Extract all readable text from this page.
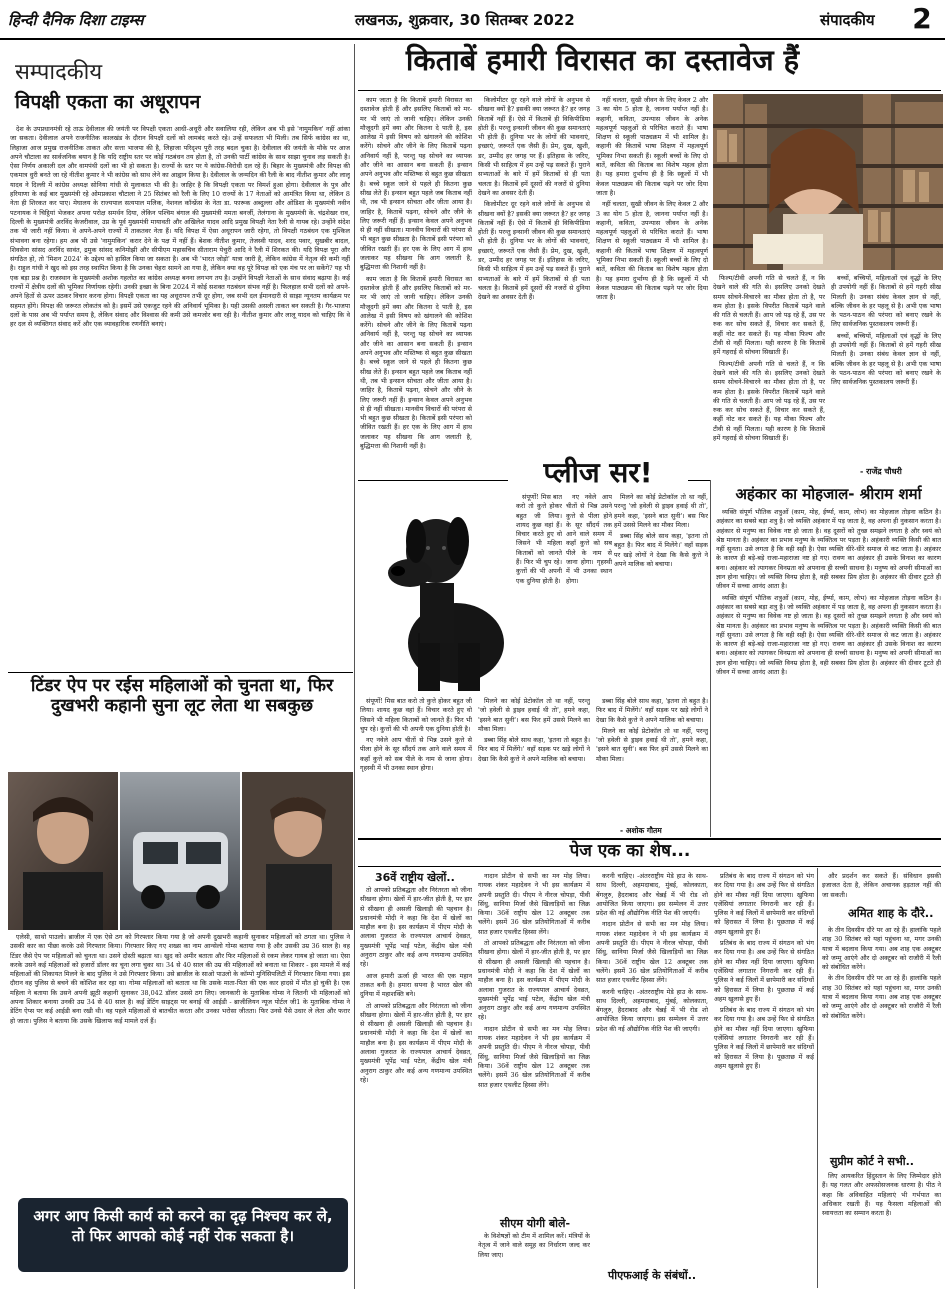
हिन्दी दैनिक दिशा टाइम्स	लखनऊ, शुक्रवार, 30 सितम्बर 2022	संपादकीय 2
सम्पादकीय	किताबें हमारी विरासत का दस्तावेज हैं
विपक्षी एकता का अधूरापन

देश के उपप्रधानमंत्री रहे ताऊ देवीलाल की जयंती पर विपक्षी एकता आधी-अधूरी और सवालिया रही, लेकिन अब भी इसे 'नामुमकिन' नहीं आंका जा सकता। देवीलाल अपने राजनीतिक कालखंड के दौरान विपक्षी दलों को लामबंद करते रहे। उन्हें सफलता भी मिली। तब सिर्फ कांग्रेस का था, लिहाजा आज प्रमुख राजनीतिक ताकत और सत्ता भाजपा की है, लिहाजा परिदृश्य पूरी तरह बदल चुका है। देवीलाल की जयंती के मौके पर आज अपने चौटाला का सार्वजनिक बयान है कि यदि राष्ट्रीय स्तर पर कोई गठबंधन तय होता है, तो उनकी पार्टी कांग्रेस के साथ साझा चुनाव लड़ सकती है। ऐसा निर्णय अकाली दल और वामपंथी दलों का भी हो सकता है। राज्यों के स्तर पर ये कांग्रेस-विरोधी दल रहे हैं। बिहार के मुख्यमंत्री और विपक्ष की एकमात्र धुरी बनते जा रहे नीतीश कुमार ने भी कांग्रेस को साथ लेने का आह्वान किया है। देवीलाल के जन्मदिन की रैली के बाद नीतीश कुमार और लालू यादव ने दिल्ली में कांग्रेस अध्यक्ष सोनिया गांधी से मुलाकात भी की है। जाहिर है कि विपक्षी एकता पर विमर्श हुआ होगा। देवीलाल के पुत्र और हरियाणा के कई बार मुख्यमंत्री रहे ओमप्रकाश चौटाला ने 25 सितंबर को रैली के लिए 10 राज्यों के 17 नेताओं को आमंत्रित किया था, लेकिन 8 नेता ही शिरकत कर पाए। मेघालय के राज्यपाल सत्यपाल मलिक, नेशनल कॉन्फ्रेंस के नेता डा. फारूक अब्दुल्ला और ओडिशा के मुख्यमंत्री नवीन पटनायक ने चिट्ठियां भेजकर अपना परोक्ष समर्थन दिया, लेकिन पश्चिम बंगाल की मुख्यमंत्री ममता बनर्जी, तेलंगाना के मुख्यमंत्री के. चंद्रशेखर राव, दिल्ली के मुख्यमंत्री अरविंद केजरीवाल, उप्र के पूर्व मुख्यमंत्री मायावती और अखिलेश यादव आदि प्रमुख विपक्षी नेता रैली से गायब रहे। उन्होंने संदेश तक भी जारी नहीं किया। वे अपने-अपने राज्यों में ताकतवर नेता हैं। यदि विपक्ष में ऐसा अधूरापन जारी रहेगा, तो विपक्षी गठबंधन एक मुश्किल संभावना बना रहेगा। हम अब भी उसे 'नामुमकिन' करार देने के पक्ष में नहीं हैं। बेशक नीतीश कुमार, तेजस्वी यादव, शरद पवार, सुखबीर बादल, शिवसेना सांसद अरविंद सावंत, द्रमुक सांसद कनिमोझी और सीपीएम महासचिव सीताराम येचुरी आदि ने रैली में शिरकत की। यदि विपक्ष पूरा और संगठित हो, तो 'मिशन 2024' के उद्देश्य को हासिल किया जा सकता है। अब भी 'भारत जोड़ो' यात्रा जारी है, लेकिन कांग्रेस में नेतृत्व की कमी नहीं है। राहुल गांधी ने खुद को इस तरह स्थापित किया है कि उनका चेहरा सामने आ गया है, लेकिन क्या वह पूरे विपक्ष को एक मंच पर ला सकेंगे? यह भी एक बड़ा प्रश्न है। राजस्थान के मुख्यमंत्री अशोक गहलोत का कांग्रेस अध्यक्ष बनना लगभग तय है। उन्होंने विपक्षी नेताओं के साथ संवाद बढ़ाया है। कई राज्यों में क्षेत्रीय दलों की भूमिका निर्णायक रहेगी। उनकी इच्छा के बिना 2024 में कोई सशक्त गठबंधन संभव नहीं है। फिलहाल सभी दलों को अपने-अपने हितों से ऊपर उठकर विचार करना होगा। विपक्षी एकता का यह अधूरापन तभी दूर होगा, जब सभी दल ईमानदारी से साझा न्यूनतम कार्यक्रम पर सहमत होंगे। विपक्ष की जरूरत लोकतंत्र को है। इसमें उसे एकजुट रहने की अनिवार्य भूमिका है। यही उसकी असली ताकत बन सकती है। गैर-भाजपा दलों के पास अब भी पर्याप्त समय है, लेकिन संवाद और विश्वास की कमी उसे कमजोर बना रही है। नीतीश कुमार और लालू यादव को चाहिए कि वे हर दल से व्यक्तिगत संवाद करें और एक व्यावहारिक रणनीति बनाएं।

टिंडर ऐप पर रईस महिलाओं को चुनता था, फिर दुखभरी कहानी सुना लूट लेता था सबकुछ

एलेसी, साथो पाउलो। ब्राजील में एक ऐसे ठग को गिरफ्तार किया गया है जो अपनी दुखभरी कहानी सुनाकर महिलाओं को ठगता था। पुलिस ने उसकी कार का पीछा करके उसे गिरफ्तार किया। गिरफ्तार किए गए शख्स का नाम आन्सेलो गोम्स बताया गया है और उसकी उम्र 36 साल है। वह टिंडर जैसे ऐप पर महिलाओं को चुनता था। उसने दोस्ती बढ़ाता था। खुद को अमीर बताता और फिर महिलाओं से रकम लेकर गायब हो जाता था। ऐसा करके उसने कई महिलाओं को हजारों डॉलर का चूना लगा चुका था। 34 से 40 साल की उम्र की महिलाओं को बनाता था शिकार - इस मामले में कई महिलाओं की शिकायत मिलने के बाद पुलिस ने उसे गिरफ्तार किया। उसे ब्राजील के साओ पाउलो के कॉम्पो मुनिसिपलिटी में गिरफ्तार किया गया। इस दौरान वह पुलिस से बचने की कोशिश कर रहा था। गोम्स महिलाओं को बताता था कि उसके माता-पिता की एक कार हादसे में मौत हो चुकी है। एक महिला ने बताया कि उसने अपनी झूठी कहानी सुनाकर 38,042 डॉलर उससे ठग लिए। जानकारी के मुताबिक गोम्स ने जितनी भी महिलाओं को अपना शिकार बनाया उनकी उम्र 34 से 40 साल है। कई डेटिंग साइट्स पर बनाई थी आईडी - ब्राजीलियन न्यूज पोर्टल जी1 के मुताबिक गोम्स ने डेटिंग ऐप्स पर कई आईडी बना रखी थी। वह पहले महिलाओं से बातचीत करता और उनका भरोसा जीतता। फिर उनसे पैसे उधार ले लेता और फरार हो जाता। पुलिस ने बताया कि उसके खिलाफ कई मामले दर्ज हैं।

अगर आप किसी कार्य को करने का दृढ़ निश्चय कर ले, तो फिर आपको कोई नहीं रोक सकता है।

काम जाता है कि किताबें हमारी विरासत का दस्तावेज होती हैं और इसलिए किताबों को मर-मर भी जाएं तो जानी चाहिए। लेकिन उनकी मौजूदगी हमें क्या और कितना दे पाती है, इस आलेख में इसी विषय को खंगालने की कोशिश करेंगे। सोचने और जीने के लिए किताबें पढ़ना अनिवार्य नहीं है, परन्तु यह सोचने का व्यापक और जीने का आसान बना सकती हैं। इन्सान अपने अनुभव और मस्तिष्क से बहुत कुछ सीखता है। बच्चे स्कूल जाने से पहले ही कितना कुछ सीख लेते हैं। इन्सान बहुत पहले जब किताब नहीं थी, तब भी इन्सान सोचता और जीता आया है। जाहिर है, किताबें पढ़ना, सोचने और जीने के लिए जरूरी नहीं हैं। इन्सान केवल अपने अनुभव से ही नहीं सीखता। मानवीय विचारों की परंपरा से भी बहुत कुछ सीखता है। किताबें इसी परंपरा को जीवित रखती हैं। हर एक के लिए आग में हाथ जलाकर यह सीखना कि आग जलाती है, बुद्धिमत्ता की निशानी नहीं है।

काम जाता है कि किताबें हमारी विरासत का दस्तावेज होती हैं और इसलिए किताबों को मर-मर भी जाएं तो जानी चाहिए। लेकिन उनकी मौजूदगी हमें क्या और कितना दे पाती है, इस आलेख में इसी विषय को खंगालने की कोशिश करेंगे। सोचने और जीने के लिए किताबें पढ़ना अनिवार्य नहीं है, परन्तु यह सोचने का व्यापक और जीने का आसान बना सकती हैं। इन्सान अपने अनुभव और मस्तिष्क से बहुत कुछ सीखता है। बच्चे स्कूल जाने से पहले ही कितना कुछ सीख लेते हैं। इन्सान बहुत पहले जब किताब नहीं थी, तब भी इन्सान सोचता और जीता आया है। जाहिर है, किताबें पढ़ना, सोचने और जीने के लिए जरूरी नहीं हैं। इन्सान केवल अपने अनुभव से ही नहीं सीखता। मानवीय विचारों की परंपरा से भी बहुत कुछ सीखता है। किताबें इसी परंपरा को जीवित रखती हैं। हर एक के लिए आग में हाथ जलाकर यह सीखना कि आग जलाती है, बुद्धिमत्ता की निशानी नहीं है।

किलोमीटर दूर रहने वाले लोगों के अनुभव से सीखना क्यों है? इसकी क्या जरूरत है? हर जगह किताबें नहीं हैं। ऐसे में किताबें ही विकिपीडिया होती हैं। परन्तु इन्सानी जीवन की कुछ समानताएं भी होती हैं। दुनिया भर के लोगों की भावनाएं, इच्छाएं, जरूरतें एक जैसी हैं। प्रेम, दुख, खुशी, डर, उम्मीद हर जगह पर हैं। इतिहास के जरिए, किसी भी साहित्य में हम उन्हें पढ़ सकते हैं। पुराने सभ्यताओं के बारे में हमें किताबों से ही पता चलता है। किताबें हमें दूसरों की नजरों से दुनिया देखने का अवसर देती हैं।

किलोमीटर दूर रहने वाले लोगों के अनुभव से सीखना क्यों है? इसकी क्या जरूरत है? हर जगह किताबें नहीं हैं। ऐसे में किताबें ही विकिपीडिया होती हैं। परन्तु इन्सानी जीवन की कुछ समानताएं भी होती हैं। दुनिया भर के लोगों की भावनाएं, इच्छाएं, जरूरतें एक जैसी हैं। प्रेम, दुख, खुशी, डर, उम्मीद हर जगह पर हैं। इतिहास के जरिए, किसी भी साहित्य में हम उन्हें पढ़ सकते हैं। पुराने सभ्यताओं के बारे में हमें किताबों से ही पता चलता है। किताबें हमें दूसरों की नजरों से दुनिया देखने का अवसर देती हैं।

नहीं चलता, सुखी जीवन के लिए केवल 2 और 3 का योग 5 होता है, जानना पर्याप्त नहीं है। कहानी, कविता, उपन्यास जीवन के अनेक महत्वपूर्ण पहलुओं से परिचित कराते हैं। भाषा शिक्षण से स्कूली पाठ्यक्रम में भी शामिल है। कहानी की किताबें भाषा शिक्षण में महत्वपूर्ण भूमिका निभा सकती हैं। स्कूली बच्चों के लिए दो बातें, कविता की किताब का विशेष महत्व होता है। यह हमारा दुर्भाग्य ही है कि स्कूलों में भी केवल पाठ्यक्रम की किताब पढ़ने पर जोर दिया जाता है।

नहीं चलता, सुखी जीवन के लिए केवल 2 और 3 का योग 5 होता है, जानना पर्याप्त नहीं है। कहानी, कविता, उपन्यास जीवन के अनेक महत्वपूर्ण पहलुओं से परिचित कराते हैं। भाषा शिक्षण से स्कूली पाठ्यक्रम में भी शामिल है। कहानी की किताबें भाषा शिक्षण में महत्वपूर्ण भूमिका निभा सकती हैं। स्कूली बच्चों के लिए दो बातें, कविता की किताब का विशेष महत्व होता है। यह हमारा दुर्भाग्य ही है कि स्कूलों में भी केवल पाठ्यक्रम की किताब पढ़ने पर जोर दिया जाता है।

फिल्म/टीवी अपनी गति से चलते हैं, न कि देखने वाले की गति से। इसलिए उनको देखते समय सोचने-विचारने का मौका होता तो है, पर कम होता है। इसके विपरीत किताबें पढ़ने वाले की गति से चलती हैं। आप जो पढ़ रहे हैं, उस पर रुक कर सोच सकते हैं, विचार कर सकते हैं, कहीं नोट कर सकते हैं। यह मौका फिल्म और टीवी से नहीं मिलता। यही कारण है कि किताबें हमें गहराई से सोचना सिखाती हैं।

फिल्म/टीवी अपनी गति से चलते हैं, न कि देखने वाले की गति से। इसलिए उनको देखते समय सोचने-विचारने का मौका होता तो है, पर कम होता है। इसके विपरीत किताबें पढ़ने वाले की गति से चलती हैं। आप जो पढ़ रहे हैं, उस पर रुक कर सोच सकते हैं, विचार कर सकते हैं, कहीं नोट कर सकते हैं। यह मौका फिल्म और टीवी से नहीं मिलता। यही कारण है कि किताबें हमें गहराई से सोचना सिखाती हैं।

बच्चों, बच्चियों, महिलाओं एवं वृद्धों के लिए ही उपयोगी नहीं हैं। किताबों से हमें गहरी सीख मिलती है। उनका संबंध केवल ज्ञान से नहीं, बल्कि जीवन के हर पहलू से है। अभी एक भाषा के पठन-पाठन की परंपरा को बनाए रखने के लिए सार्वजनिक पुस्तकालय जरूरी हैं।

बच्चों, बच्चियों, महिलाओं एवं वृद्धों के लिए ही उपयोगी नहीं हैं। किताबों से हमें गहरी सीख मिलती है। उनका संबंध केवल ज्ञान से नहीं, बल्कि जीवन के हर पहलू से है। अभी एक भाषा के पठन-पाठन की परंपरा को बनाए रखने के लिए सार्वजनिक पुस्तकालय जरूरी हैं।

- राजेंद्र चौधरी
प्लीज सर!

संपूर्णो! मिस बात करो तो कुत्ते होकर बहुत जी लिया। शायद कुछ वहां हैं। विचार करते हुए वो जिसने भी महिला किताबों को जानते हैं। फिर भी चुप रहे। कुत्तों की भी अपनी एक दुनिया होती है।

नए नवेले आप चीतों से भिन्न उसने कुत्ते से पीला होने के सूर सौंदर्य तक आने वाले समय में कहाँ कुत्ते को सब पीले के नाम से जाना होगा। गृहस्थी में भी उनका स्थान होगा।

मिलने का कोई प्रेटोकॉल तो था नहीं, परन्तु 'जो हवेली से ड्राइव हवाई थी तो', हमने कहा, 'इसने बात सुनी'। बस फिर हमें उससे मिलने का मौका मिला।

डब्बा सिंह बोले साथ कहा, 'इतना तो बहुत है। फिर बाद में मिलेंगे।' वहाँ सड़क पर खड़े लोगों ने देखा कि कैसे कुत्ते ने अपने मालिक को बचाया।

संपूर्णो! मिस बात करो तो कुत्ते होकर बहुत जी लिया। शायद कुछ वहां हैं। विचार करते हुए वो जिसने भी महिला किताबों को जानते हैं। फिर भी चुप रहे। कुत्तों की भी अपनी एक दुनिया होती है।

नए नवेले आप चीतों से भिन्न उसने कुत्ते से पीला होने के सूर सौंदर्य तक आने वाले समय में कहाँ कुत्ते को सब पीले के नाम से जाना होगा। गृहस्थी में भी उनका स्थान होगा।

मिलने का कोई प्रेटोकॉल तो था नहीं, परन्तु 'जो हवेली से ड्राइव हवाई थी तो', हमने कहा, 'इसने बात सुनी'। बस फिर हमें उससे मिलने का मौका मिला।

डब्बा सिंह बोले साथ कहा, 'इतना तो बहुत है। फिर बाद में मिलेंगे।' वहाँ सड़क पर खड़े लोगों ने देखा कि कैसे कुत्ते ने अपने मालिक को बचाया।

डब्बा सिंह बोले साथ कहा, 'इतना तो बहुत है। फिर बाद में मिलेंगे।' वहाँ सड़क पर खड़े लोगों ने देखा कि कैसे कुत्ते ने अपने मालिक को बचाया।

मिलने का कोई प्रेटोकॉल तो था नहीं, परन्तु 'जो हवेली से ड्राइव हवाई थी तो', हमने कहा, 'इसने बात सुनी'। बस फिर हमें उससे मिलने का मौका मिला।

- अशोक गौतम
अहंकार का मोहजाल- श्रीराम शर्मा

व्यक्ति संपूर्ण भौतिक शत्रुओं (काम, मोह, ईर्ष्या, काम, लोभ) का मोहजाल तोड़ना कठिन है। अहंकार का सबसे बड़ा शत्रु है। जो व्यक्ति अहंकार में पड़ जाता है, वह अपना ही नुकसान करता है। अहंकार से मनुष्य का विवेक नष्ट हो जाता है। वह दूसरों को तुच्छ समझने लगता है और स्वयं को श्रेष्ठ मानता है। अहंकार का प्रभाव मनुष्य के व्यक्तित्व पर पड़ता है। अहंकारी व्यक्ति किसी की बात नहीं सुनता। उसे लगता है कि वही सही है। ऐसा व्यक्ति धीरे-धीरे समाज से कट जाता है। अहंकार के कारण ही बड़े-बड़े राजा-महाराजा नष्ट हो गए। रावण का अहंकार ही उसके विनाश का कारण बना। अहंकार को त्यागकर विनम्रता को अपनाना ही सच्ची साधना है। मनुष्य को अपनी सीमाओं का ज्ञान होना चाहिए। जो व्यक्ति विनम्र होता है, वही सबका प्रिय होता है। अहंकार की दीवार टूटते ही जीवन में सच्चा आनंद आता है।

व्यक्ति संपूर्ण भौतिक शत्रुओं (काम, मोह, ईर्ष्या, काम, लोभ) का मोहजाल तोड़ना कठिन है। अहंकार का सबसे बड़ा शत्रु है। जो व्यक्ति अहंकार में पड़ जाता है, वह अपना ही नुकसान करता है। अहंकार से मनुष्य का विवेक नष्ट हो जाता है। वह दूसरों को तुच्छ समझने लगता है और स्वयं को श्रेष्ठ मानता है। अहंकार का प्रभाव मनुष्य के व्यक्तित्व पर पड़ता है। अहंकारी व्यक्ति किसी की बात नहीं सुनता। उसे लगता है कि वही सही है। ऐसा व्यक्ति धीरे-धीरे समाज से कट जाता है। अहंकार के कारण ही बड़े-बड़े राजा-महाराजा नष्ट हो गए। रावण का अहंकार ही उसके विनाश का कारण बना। अहंकार को त्यागकर विनम्रता को अपनाना ही सच्ची साधना है। मनुष्य को अपनी सीमाओं का ज्ञान होना चाहिए। जो व्यक्ति विनम्र होता है, वही सबका प्रिय होता है। अहंकार की दीवार टूटते ही जीवन में सच्चा आनंद आता है।

पेज एक का शेष...
36वें राष्ट्रीय खेलों..

तो आपको प्रतिबद्धता और निरंतरता को जीना सीखना होगा। खेलों में हार-जीत होती है, पर हार से सीखना ही असली खिलाड़ी की पहचान है। प्रधानमंत्री मोदी ने कहा कि देश में खेलों का माहौल बना है। इस कार्यक्रम में पीएम मोदी के अलावा गुजरात के राज्यपाल आचार्य देवव्रत, मुख्यमंत्री भूपेंद्र भाई पटेल, केंद्रीय खेल मंत्री अनुराग ठाकुर और कई अन्य गणमान्य उपस्थित रहे।

आज हमारी ऊर्जा ही भारत की एक महान ताकत बनी है। हमारा सपना है भारत खेल की दुनिया में महाशक्ति बने।

तो आपको प्रतिबद्धता और निरंतरता को जीना सीखना होगा। खेलों में हार-जीत होती है, पर हार से सीखना ही असली खिलाड़ी की पहचान है। प्रधानमंत्री मोदी ने कहा कि देश में खेलों का माहौल बना है। इस कार्यक्रम में पीएम मोदी के अलावा गुजरात के राज्यपाल आचार्य देवव्रत, मुख्यमंत्री भूपेंद्र भाई पटेल, केंद्रीय खेल मंत्री अनुराग ठाकुर और कई अन्य गणमान्य उपस्थित रहे।

नादान प्रोटीन से सभी का मन मोह लिया। गायक शंकर महादेवन ने भी इस कार्यक्रम में अपनी प्रस्तुति दी। पीएम ने नीरज चोपड़ा, पीवी सिंधु, सानिया मिर्जा जैसे खिलाड़ियों का जिक्र किया। 36वें राष्ट्रीय खेल 12 अक्टूबर तक चलेंगे। इसमें 36 खेल प्रतियोगिताओं में करीब सात हजार एथलीट हिस्सा लेंगे।

तो आपको प्रतिबद्धता और निरंतरता को जीना सीखना होगा। खेलों में हार-जीत होती है, पर हार से सीखना ही असली खिलाड़ी की पहचान है। प्रधानमंत्री मोदी ने कहा कि देश में खेलों का माहौल बना है। इस कार्यक्रम में पीएम मोदी के अलावा गुजरात के राज्यपाल आचार्य देवव्रत, मुख्यमंत्री भूपेंद्र भाई पटेल, केंद्रीय खेल मंत्री अनुराग ठाकुर और कई अन्य गणमान्य उपस्थित रहे।

नादान प्रोटीन से सभी का मन मोह लिया। गायक शंकर महादेवन ने भी इस कार्यक्रम में अपनी प्रस्तुति दी। पीएम ने नीरज चोपड़ा, पीवी सिंधु, सानिया मिर्जा जैसे खिलाड़ियों का जिक्र किया। 36वें राष्ट्रीय खेल 12 अक्टूबर तक चलेंगे। इसमें 36 खेल प्रतियोगिताओं में करीब सात हजार एथलीट हिस्सा लेंगे।

सीएम योगी बोले-

के विशेषज्ञों को टीम में शामिल करें। मंत्रियों के नेतृत्व में जाने वाले समूह का निर्धारण जल्द कर लिया जाए।

करनी चाहिए। -अंतरराष्ट्रीय मेडे हाउ के साथ-साथ दिल्ली, अहमदाबाद, मुंबई, कोलकाता, बेंगलुरु, हैदराबाद और चेन्नई में भी रोड शो आयोजित किया जाएगा। इस सम्मेलन में उत्तर प्रदेश की नई औद्योगिक नीति पेश की जाएगी।

नादान प्रोटीन से सभी का मन मोह लिया। गायक शंकर महादेवन ने भी इस कार्यक्रम में अपनी प्रस्तुति दी। पीएम ने नीरज चोपड़ा, पीवी सिंधु, सानिया मिर्जा जैसे खिलाड़ियों का जिक्र किया। 36वें राष्ट्रीय खेल 12 अक्टूबर तक चलेंगे। इसमें 36 खेल प्रतियोगिताओं में करीब सात हजार एथलीट हिस्सा लेंगे।

करनी चाहिए। -अंतरराष्ट्रीय मेडे हाउ के साथ-साथ दिल्ली, अहमदाबाद, मुंबई, कोलकाता, बेंगलुरु, हैदराबाद और चेन्नई में भी रोड शो आयोजित किया जाएगा। इस सम्मेलन में उत्तर प्रदेश की नई औद्योगिक नीति पेश की जाएगी।

पीएफआई के संबंधों..

प्रतिबंध के बाद राज्य में संगठन को भंग कर दिया गया है। अब उन्हें फिर से संगठित होने का मौका नहीं दिया जाएगा। खुफिया एजेंसियां लगातार निगरानी कर रही हैं। पुलिस ने कई जिलों में छापेमारी कर संदिग्धों को हिरासत में लिया है। पूछताछ में कई अहम खुलासे हुए हैं।

प्रतिबंध के बाद राज्य में संगठन को भंग कर दिया गया है। अब उन्हें फिर से संगठित होने का मौका नहीं दिया जाएगा। खुफिया एजेंसियां लगातार निगरानी कर रही हैं। पुलिस ने कई जिलों में छापेमारी कर संदिग्धों को हिरासत में लिया है। पूछताछ में कई अहम खुलासे हुए हैं।

प्रतिबंध के बाद राज्य में संगठन को भंग कर दिया गया है। अब उन्हें फिर से संगठित होने का मौका नहीं दिया जाएगा। खुफिया एजेंसियां लगातार निगरानी कर रही हैं। पुलिस ने कई जिलों में छापेमारी कर संदिग्धों को हिरासत में लिया है। पूछताछ में कई अहम खुलासे हुए हैं।

और प्रदर्शन कर सकते हैं। संविधान इसकी इजाजत देता है, लेकिन अचानक हड़ताल नहीं की जा सकती।

अमित शाह के दौरे..

के तीन दिवसीय दौरे पर आ रहे हैं। हालांकि पहले शाह 30 सितंबर को यहां पहुंचना था, मगर उनकी यात्रा में बदलाव किया गया। अब शाह एक अक्टूबर को जम्मू आएंगे और दो अक्टूबर को राजौरी में रैली को संबोधित करेंगे।

के तीन दिवसीय दौरे पर आ रहे हैं। हालांकि पहले शाह 30 सितंबर को यहां पहुंचना था, मगर उनकी यात्रा में बदलाव किया गया। अब शाह एक अक्टूबर को जम्मू आएंगे और दो अक्टूबर को राजौरी में रैली को संबोधित करेंगे।

सुप्रीम कोर्ट ने सभी..

लिए आयकरित हिंदुस्तान के लिए जिम्मेदार होते हैं। यह गलत और अफसोसजनक धारणा है। पीठ ने कहा कि अविवाहित महिलाएं भी गर्भपात का अधिकार रखती हैं। यह फैसला महिलाओं की स्वायत्तता का सम्मान करता है।
